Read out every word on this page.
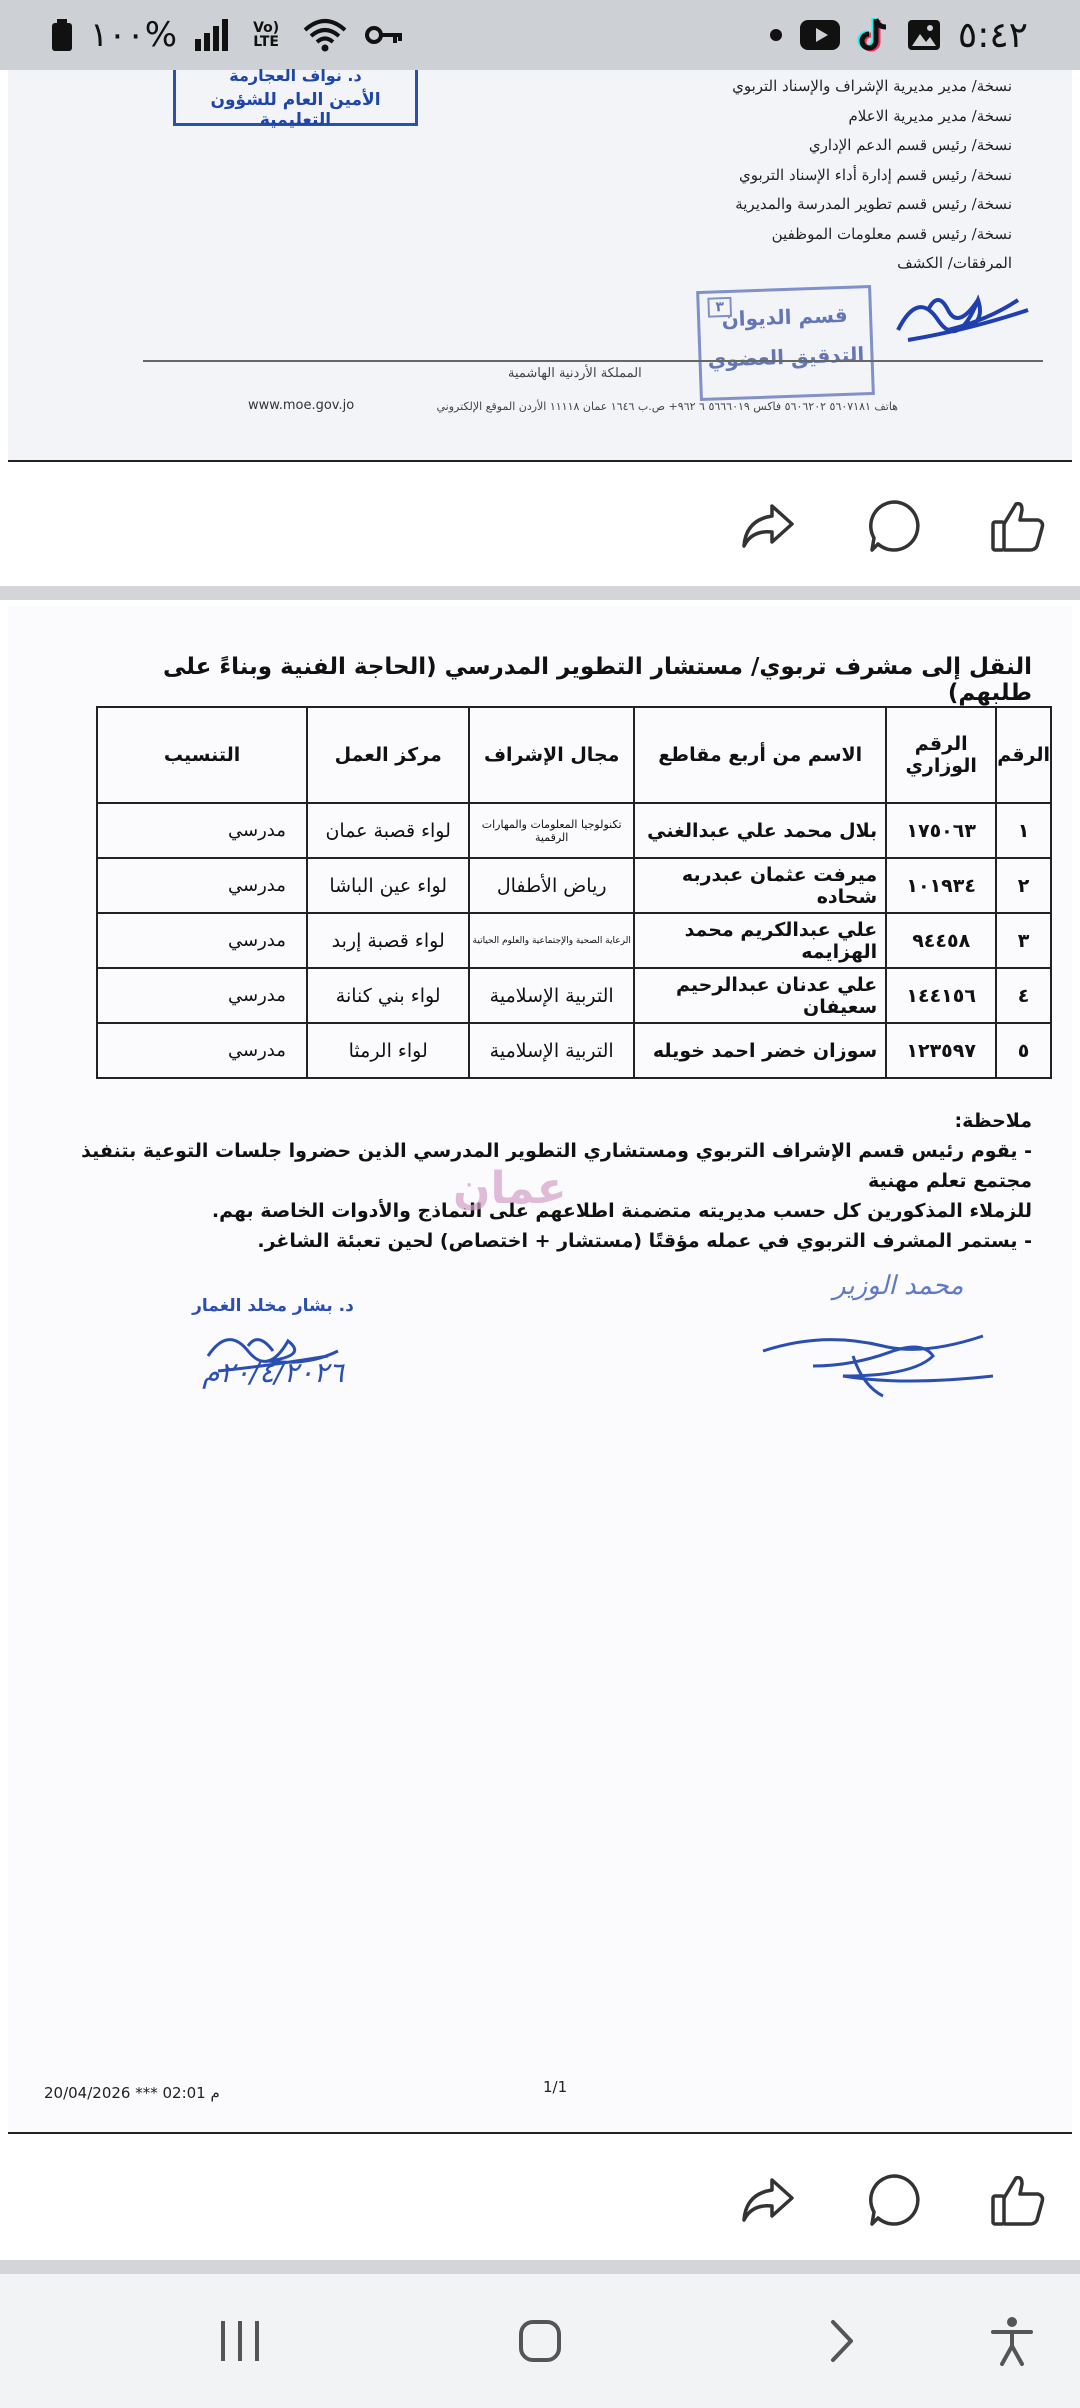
١٠٠%	Vo) LTE	٥:٤٢
د. نواف العجارمة
الأمين العام للشؤون التعليمية
نسخة/ مدير مديرية الإشراف والإسناد التربوي
نسخة/ مدير مديرية الاعلام
نسخة/ رئيس قسم الدعم الإداري
نسخة/ رئيس قسم إدارة أداء الإسناد التربوي
نسخة/ رئيس قسم تطوير المدرسة والمديرية
نسخة/ رئيس قسم معلومات الموظفين
المرفقات/ الكشف
٣
قسم الديوان
التدقيق العضوي
المملكة الأردنية الهاشمية
هاتف ٥٦٠٧١٨١ ٥٦٠٦٢٠٢ فاكس ٥٦٦٦٠١٩ ٦ ٩٦٢+ ص.ب ١٦٤٦ عمان ١١١١٨ الأردن الموقع الإلكتروني
www.moe.gov.jo
النقل إلى مشرف تربوي/ مستشار التطوير المدرسي (الحاجة الفنية وبناءً على طلبهم)
الرقم	الرقم الوزاري	الاسم من أربع مقاطع	مجال الإشراف	مركز العمل	التنسيب
١	١٧٥٠٦٣	بلال محمد علي عبدالغني	تكنولوجيا المعلومات والمهارات الرقمية	لواء قصبة عمان	مدرسي
٢	١٠١٩٣٤	ميرفت عثمان عبدربه شحاده	رياض الأطفال	لواء عين الباشا	مدرسي
٣	٩٤٤٥٨	علي عبدالكريم محمد الهزايمه	الرعاية الصحية والإجتماعية والعلوم الحياتية	لواء قصبة إربد	مدرسي
٤	١٤٤١٥٦	علي عدنان عبدالرحيم سعيفان	التربية الإسلامية	لواء بني كنانة	مدرسي
٥	١٢٣٥٩٧	سوزان خضر احمد خويله	التربية الإسلامية	لواء الرمثا	مدرسي
ملاحظة:
- يقوم رئيس قسم الإشراف التربوي ومستشاري التطوير المدرسي الذين حضروا جلسات التوعية بتنفيذ مجتمع تعلم مهنية
للزملاء المذكورين كل حسب مديريته متضمنة اطلاعهم على النماذج والأدوات الخاصة بهم.
- يستمر المشرف التربوي في عمله مؤقتًا (مستشار + اختصاص) لحين تعبئة الشاغر.
عمان
د. بشار مخلد الغمار
٢٠/٤/٢٠٢٦م
محمد الوزير
1/1
20/04/2026 *** 02:01 م
